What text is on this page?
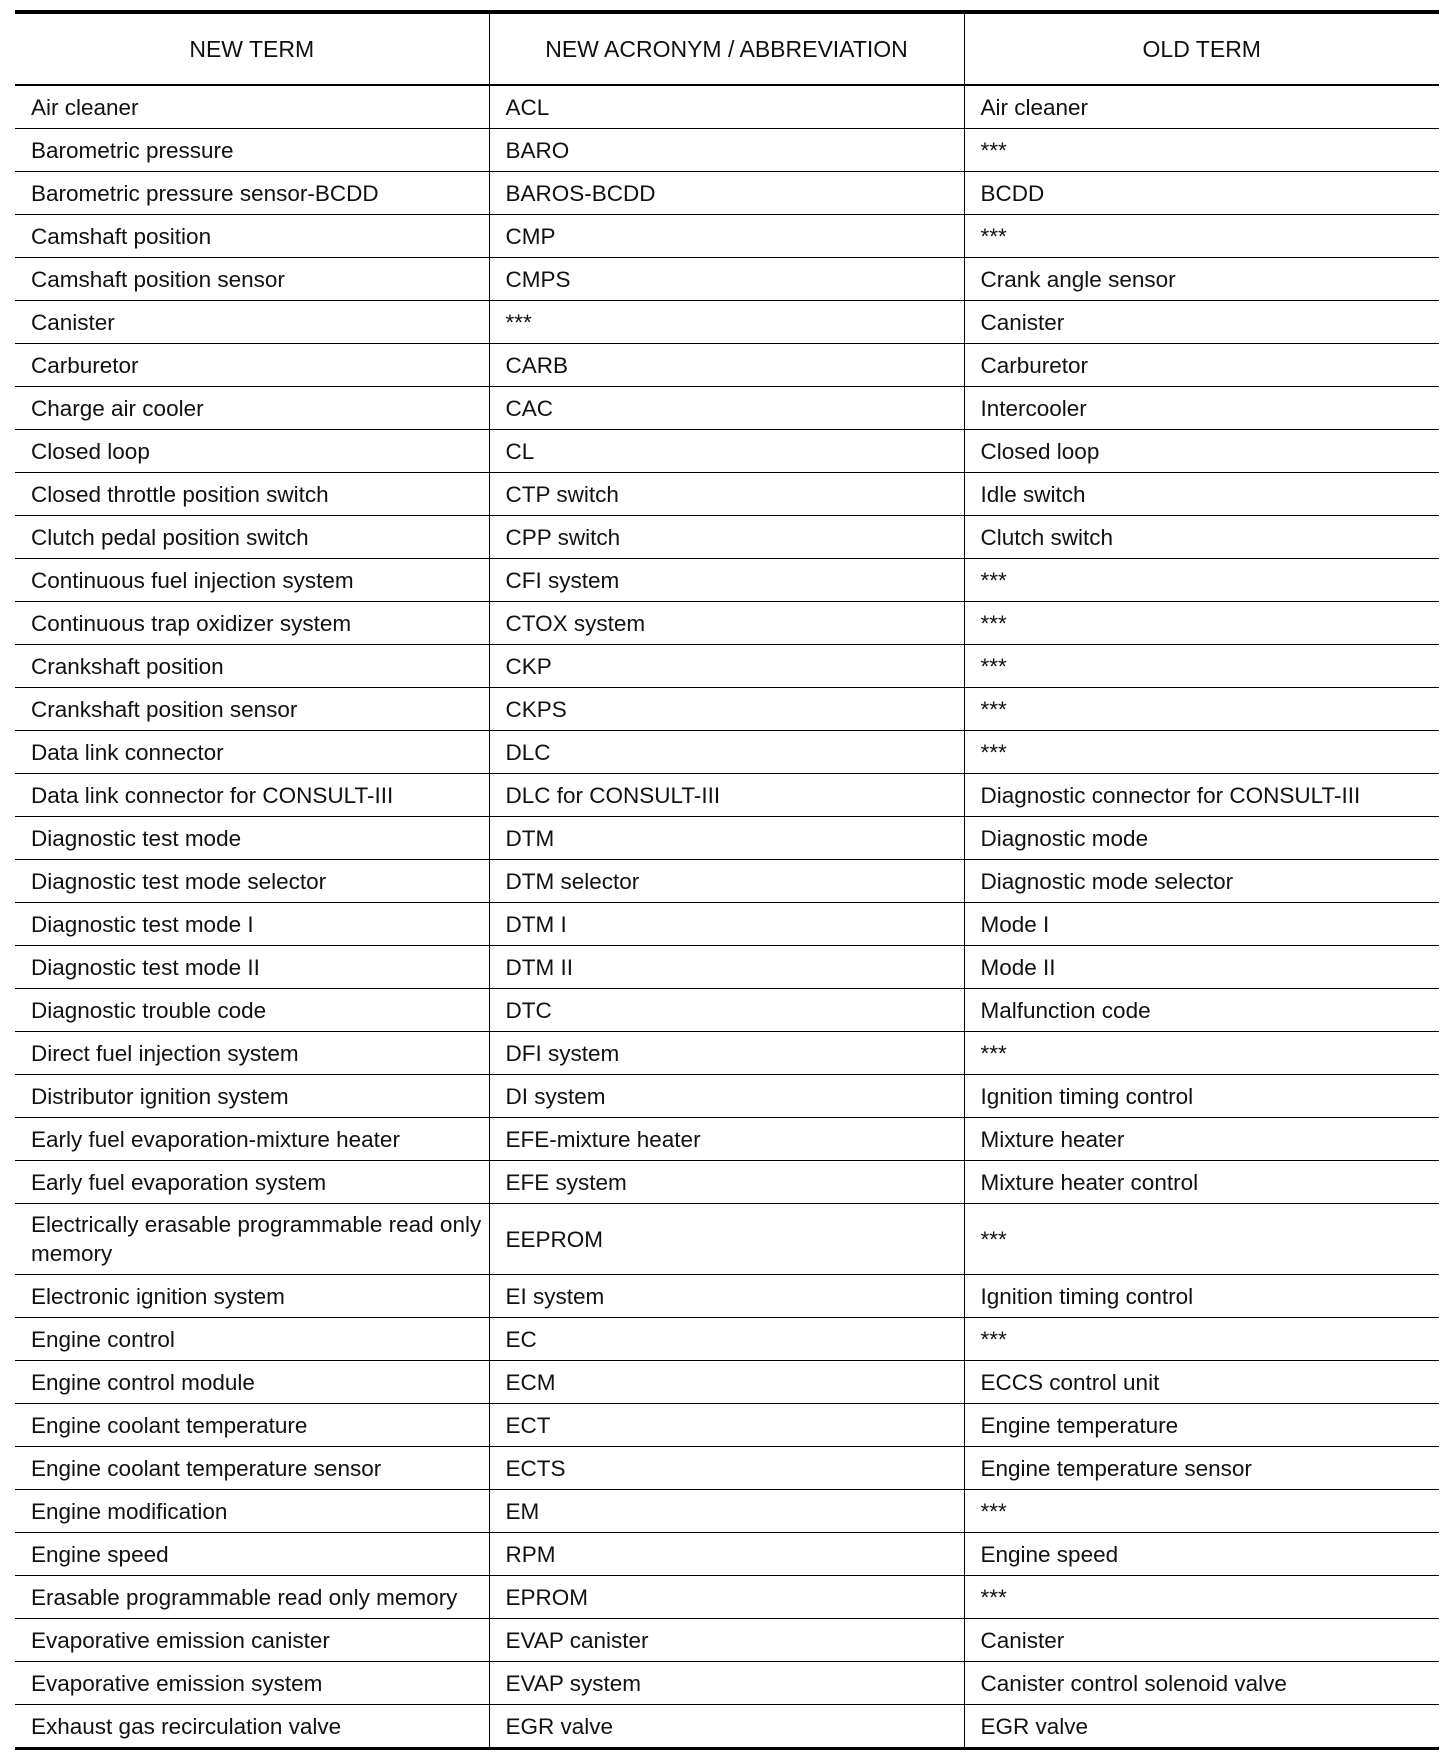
NEW TERM	NEW ACRONYM / ABBREVIATION	OLD TERM
Air cleaner	ACL	Air cleaner
Barometric pressure	BARO	***
Barometric pressure sensor-BCDD	BAROS-BCDD	BCDD
Camshaft position	CMP	***
Camshaft position sensor	CMPS	Crank angle sensor
Canister	***	Canister
Carburetor	CARB	Carburetor
Charge air cooler	CAC	Intercooler
Closed loop	CL	Closed loop
Closed throttle position switch	CTP switch	Idle switch
Clutch pedal position switch	CPP switch	Clutch switch
Continuous fuel injection system	CFI system	***
Continuous trap oxidizer system	CTOX system	***
Crankshaft position	CKP	***
Crankshaft position sensor	CKPS	***
Data link connector	DLC	***
Data link connector for CONSULT-III	DLC for CONSULT-III	Diagnostic connector for CONSULT-III
Diagnostic test mode	DTM	Diagnostic mode
Diagnostic test mode selector	DTM selector	Diagnostic mode selector
Diagnostic test mode I	DTM I	Mode I
Diagnostic test mode II	DTM II	Mode II
Diagnostic trouble code	DTC	Malfunction code
Direct fuel injection system	DFI system	***
Distributor ignition system	DI system	Ignition timing control
Early fuel evaporation-mixture heater	EFE-mixture heater	Mixture heater
Early fuel evaporation system	EFE system	Mixture heater control
Electrically erasable programmable read only memory	EEPROM	***
Electronic ignition system	EI system	Ignition timing control
Engine control	EC	***
Engine control module	ECM	ECCS control unit
Engine coolant temperature	ECT	Engine temperature
Engine coolant temperature sensor	ECTS	Engine temperature sensor
Engine modification	EM	***
Engine speed	RPM	Engine speed
Erasable programmable read only memory	EPROM	***
Evaporative emission canister	EVAP canister	Canister
Evaporative emission system	EVAP system	Canister control solenoid valve
Exhaust gas recirculation valve	EGR valve	EGR valve
